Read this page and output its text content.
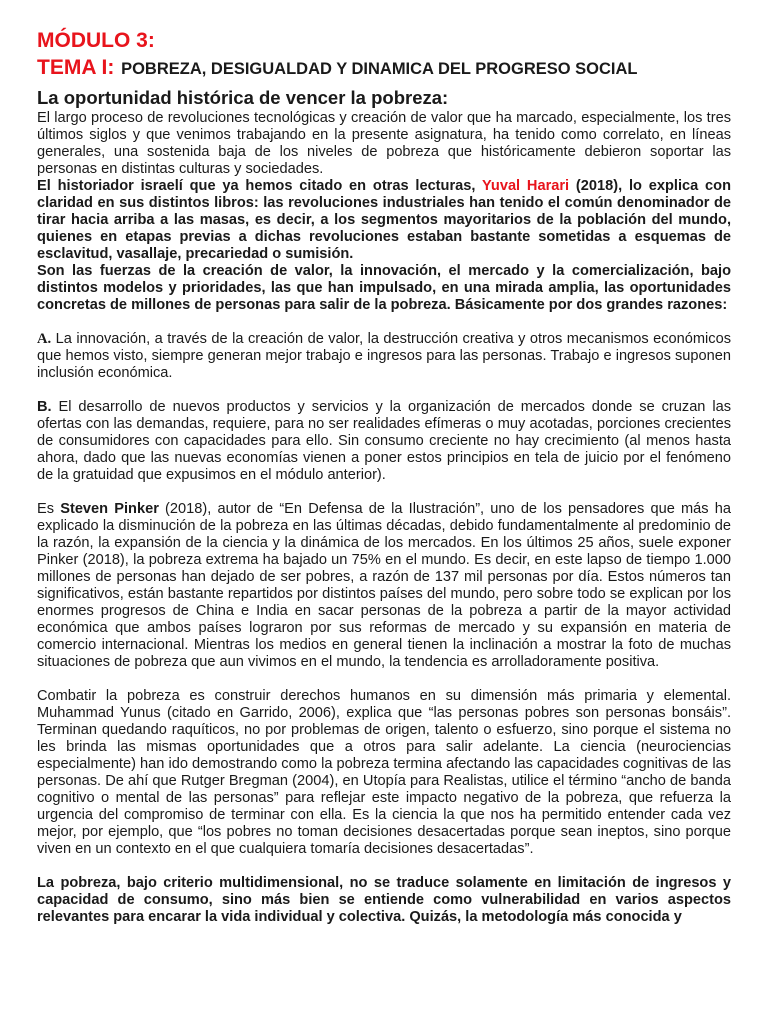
MÓDULO 3:
TEMA I: POBREZA, DESIGUALDAD Y DINAMICA DEL PROGRESO SOCIAL
La oportunidad histórica de vencer la pobreza:

El largo proceso de revoluciones tecnológicas y creación de valor que ha marcado, especialmente, los tres últimos siglos y que venimos trabajando en la presente asignatura, ha tenido como correlato, en líneas generales, una sostenida baja de los niveles de pobreza que históricamente debieron soportar las personas en distintas culturas y sociedades.

El historiador israelí que ya hemos citado en otras lecturas, Yuval Harari (2018), lo explica con claridad en sus distintos libros: las revoluciones industriales han tenido el común denominador de tirar hacia arriba a las masas, es decir, a los segmentos mayoritarios de la población del mundo, quienes en etapas previas a dichas revoluciones estaban bastante sometidas a esquemas de esclavitud, vasallaje, precariedad o sumisión.

Son las fuerzas de la creación de valor, la innovación, el mercado y la comercialización, bajo distintos modelos y prioridades, las que han impulsado, en una mirada amplia, las oportunidades concretas de millones de personas para salir de la pobreza. Básicamente por dos grandes razones:

A. La innovación, a través de la creación de valor, la destrucción creativa y otros mecanismos económicos que hemos visto, siempre generan mejor trabajo e ingresos para las personas. Trabajo e ingresos suponen inclusión económica.

B. El desarrollo de nuevos productos y servicios y la organización de mercados donde se cruzan las ofertas con las demandas, requiere, para no ser realidades efímeras o muy acotadas, porciones crecientes de consumidores con capacidades para ello. Sin consumo creciente no hay crecimiento (al menos hasta ahora, dado que las nuevas economías vienen a poner estos principios en tela de juicio por el fenómeno de la gratuidad que expusimos en el módulo anterior).

Es Steven Pinker (2018), autor de “En Defensa de la Ilustración”, uno de los pensadores que más ha explicado la disminución de la pobreza en las últimas décadas, debido fundamentalmente al predominio de la razón, la expansión de la ciencia y la dinámica de los mercados. En los últimos 25 años, suele exponer Pinker (2018), la pobreza extrema ha bajado un 75% en el mundo. Es decir, en este lapso de tiempo 1.000 millones de personas han dejado de ser pobres, a razón de 137 mil personas por día. Estos números tan significativos, están bastante repartidos por distintos países del mundo, pero sobre todo se explican por los enormes progresos de China e India en sacar personas de la pobreza a partir de la mayor actividad económica que ambos países lograron por sus reformas de mercado y su expansión en materia de comercio internacional. Mientras los medios en general tienen la inclinación a mostrar la foto de muchas situaciones de pobreza que aun vivimos en el mundo, la tendencia es arrolladoramente positiva.

Combatir la pobreza es construir derechos humanos en su dimensión más primaria y elemental. Muhammad Yunus (citado en Garrido, 2006), explica que “las personas pobres son personas bonsáis”. Terminan quedando raquíticos, no por problemas de origen, talento o esfuerzo, sino porque el sistema no les brinda las mismas oportunidades que a otros para salir adelante. La ciencia (neurociencias especialmente) han ido demostrando como la pobreza termina afectando las capacidades cognitivas de las personas. De ahí que Rutger Bregman (2004), en Utopía para Realistas, utilice el término “ancho de banda cognitivo o mental de las personas” para reflejar este impacto negativo de la pobreza, que refuerza la urgencia del compromiso de terminar con ella. Es la ciencia la que nos ha permitido entender cada vez mejor, por ejemplo, que “los pobres no toman decisiones desacertadas porque sean ineptos, sino porque viven en un contexto en el que cualquiera tomaría decisiones desacertadas”.

La pobreza, bajo criterio multidimensional, no se traduce solamente en limitación de ingresos y capacidad de consumo, sino más bien se entiende como vulnerabilidad en varios aspectos relevantes para encarar la vida individual y colectiva. Quizás, la metodología más conocida y
